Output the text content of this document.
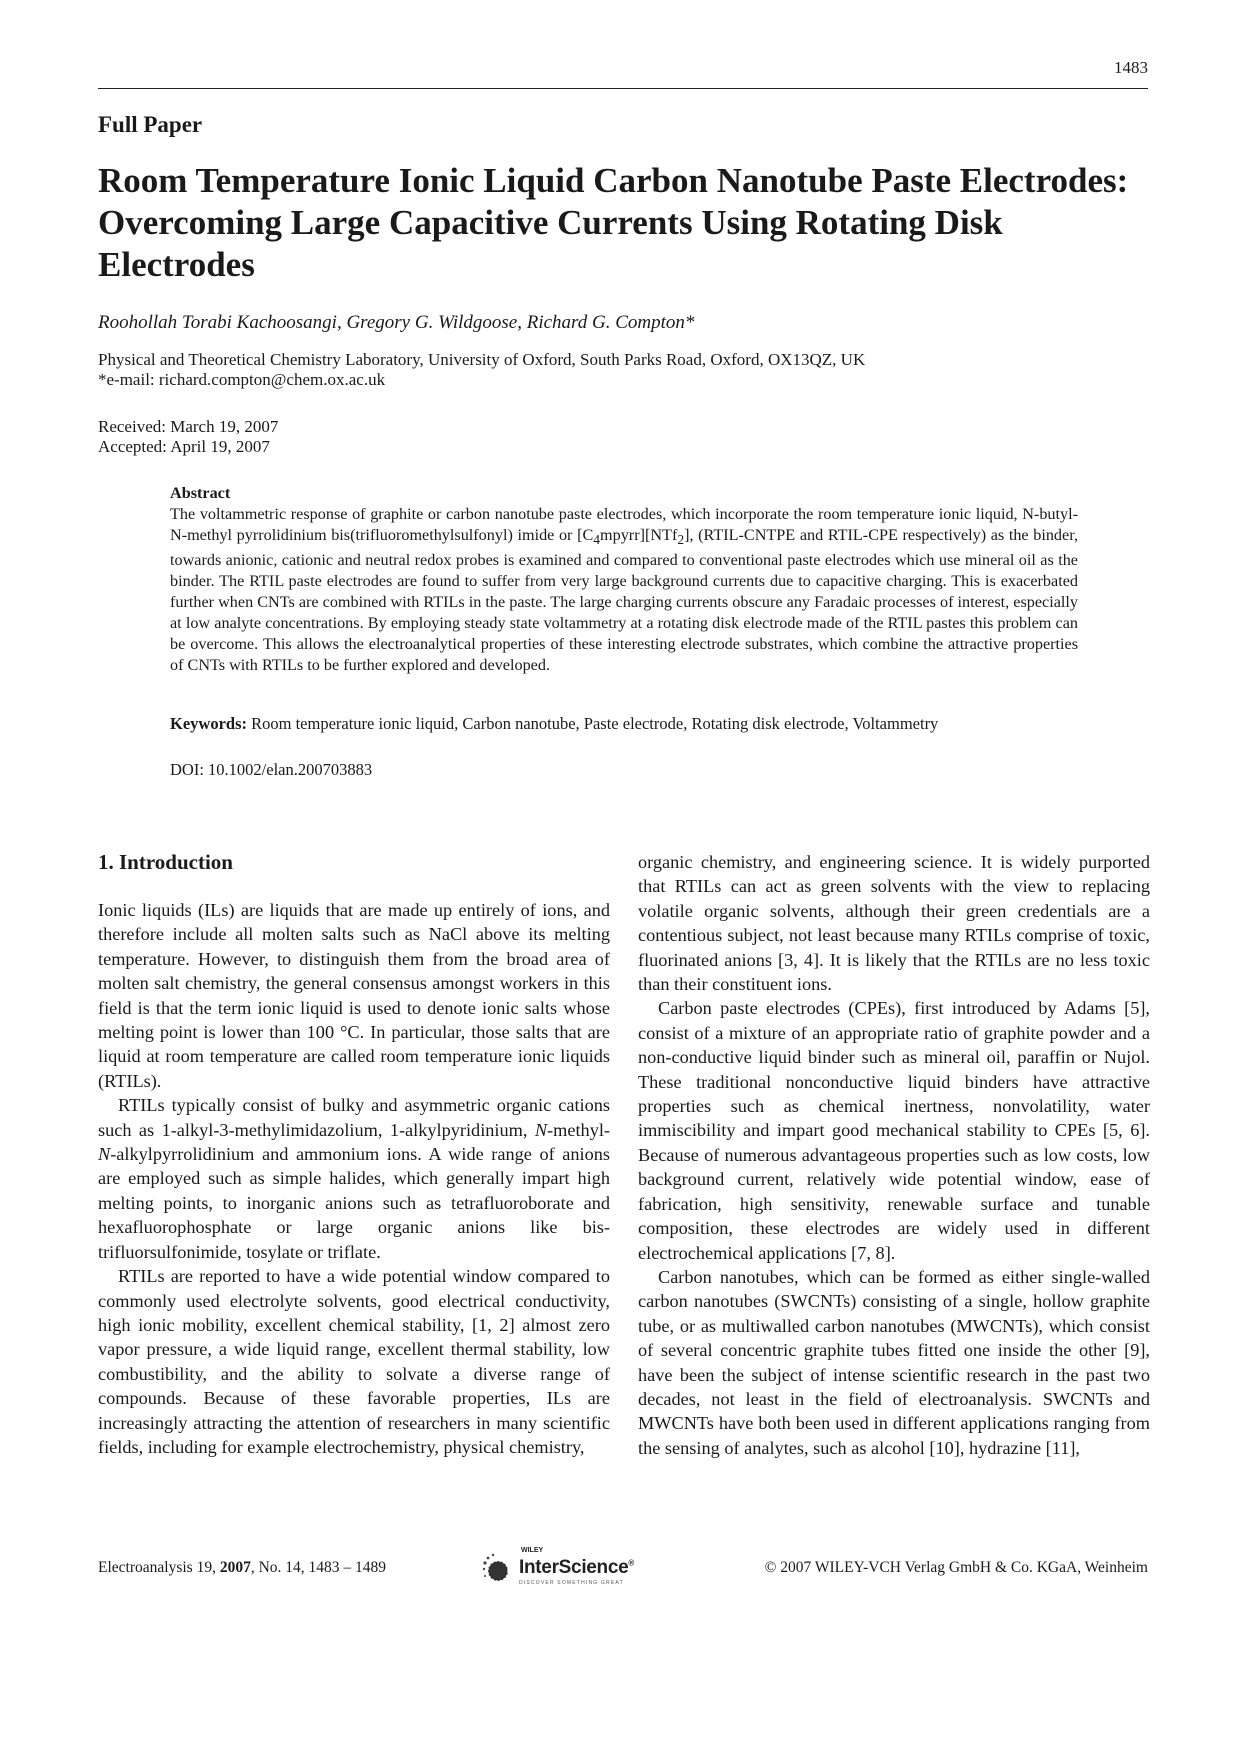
1483
Full Paper
Room Temperature Ionic Liquid Carbon Nanotube Paste Electrodes: Overcoming Large Capacitive Currents Using Rotating Disk Electrodes
Roohollah Torabi Kachoosangi, Gregory G. Wildgoose, Richard G. Compton*
Physical and Theoretical Chemistry Laboratory, University of Oxford, South Parks Road, Oxford, OX13QZ, UK
*e-mail: richard.compton@chem.ox.ac.uk
Received: March 19, 2007
Accepted: April 19, 2007
Abstract
The voltammetric response of graphite or carbon nanotube paste electrodes, which incorporate the room temperature ionic liquid, N-butyl-N-methyl pyrrolidinium bis(trifluoromethylsulfonyl) imide or $[C_4mpyrr][NTf_2]$, (RTIL-CNTPE and RTIL-CPE respectively) as the binder, towards anionic, cationic and neutral redox probes is examined and compared to conventional paste electrodes which use mineral oil as the binder. The RTIL paste electrodes are found to suffer from very large background currents due to capacitive charging. This is exacerbated further when CNTs are combined with RTILs in the paste. The large charging currents obscure any Faradaic processes of interest, especially at low analyte concentrations. By employing steady state voltammetry at a rotating disk electrode made of the RTIL pastes this problem can be overcome. This allows the electroanalytical properties of these interesting electrode substrates, which combine the attractive properties of CNTs with RTILs to be further explored and developed.
Keywords: Room temperature ionic liquid, Carbon nanotube, Paste electrode, Rotating disk electrode, Voltammetry
DOI: 10.1002/elan.200703883
1. Introduction

Ionic liquids (ILs) are liquids that are made up entirely of ions, and therefore include all molten salts such as NaCl above its melting temperature. However, to distinguish them from the broad area of molten salt chemistry, the general consensus amongst workers in this field is that the term ionic liquid is used to denote ionic salts whose melting point is lower than 100 °C. In particular, those salts that are liquid at room temperature are called room temperature ionic liquids (RTILs).

RTILs typically consist of bulky and asymmetric organic cations such as 1-alkyl-3-methylimidazolium, 1-alkylpyridinium, N-methyl-N-alkylpyrrolidinium and ammonium ions. A wide range of anions are employed such as simple halides, which generally impart high melting points, to inorganic anions such as tetrafluoroborate and hexafluorophosphate or large organic anions like bis-trifluorsulfonimide, tosylate or triflate.

RTILs are reported to have a wide potential window compared to commonly used electrolyte solvents, good electrical conductivity, high ionic mobility, excellent chemical stability, [1, 2] almost zero vapor pressure, a wide liquid range, excellent thermal stability, low combustibility, and the ability to solvate a diverse range of compounds. Because of these favorable properties, ILs are increasingly attracting the attention of researchers in many scientific fields, including for example electrochemistry, physical chemistry,

organic chemistry, and engineering science. It is widely purported that RTILs can act as green solvents with the view to replacing volatile organic solvents, although their green credentials are a contentious subject, not least because many RTILs comprise of toxic, fluorinated anions [3, 4]. It is likely that the RTILs are no less toxic than their constituent ions.

Carbon paste electrodes (CPEs), first introduced by Adams [5], consist of a mixture of an appropriate ratio of graphite powder and a non-conductive liquid binder such as mineral oil, paraffin or Nujol. These traditional nonconductive liquid binders have attractive properties such as chemical inertness, nonvolatility, water immiscibility and impart good mechanical stability to CPEs [5, 6]. Because of numerous advantageous properties such as low costs, low background current, relatively wide potential window, ease of fabrication, high sensitivity, renewable surface and tunable composition, these electrodes are widely used in different electrochemical applications [7, 8].

Carbon nanotubes, which can be formed as either single-walled carbon nanotubes (SWCNTs) consisting of a single, hollow graphite tube, or as multiwalled carbon nanotubes (MWCNTs), which consist of several concentric graphite tubes fitted one inside the other [9], have been the subject of intense scientific research in the past two decades, not least in the field of electroanalysis. SWCNTs and MWCNTs have both been used in different applications ranging from the sensing of analytes, such as alcohol [10], hydrazine [11],

Electroanalysis 19, 2007, No. 14, 1483 – 1489
WILEY
InterScience®
DISCOVER SOMETHING GREAT
© 2007 WILEY-VCH Verlag GmbH & Co. KGaA, Weinheim
